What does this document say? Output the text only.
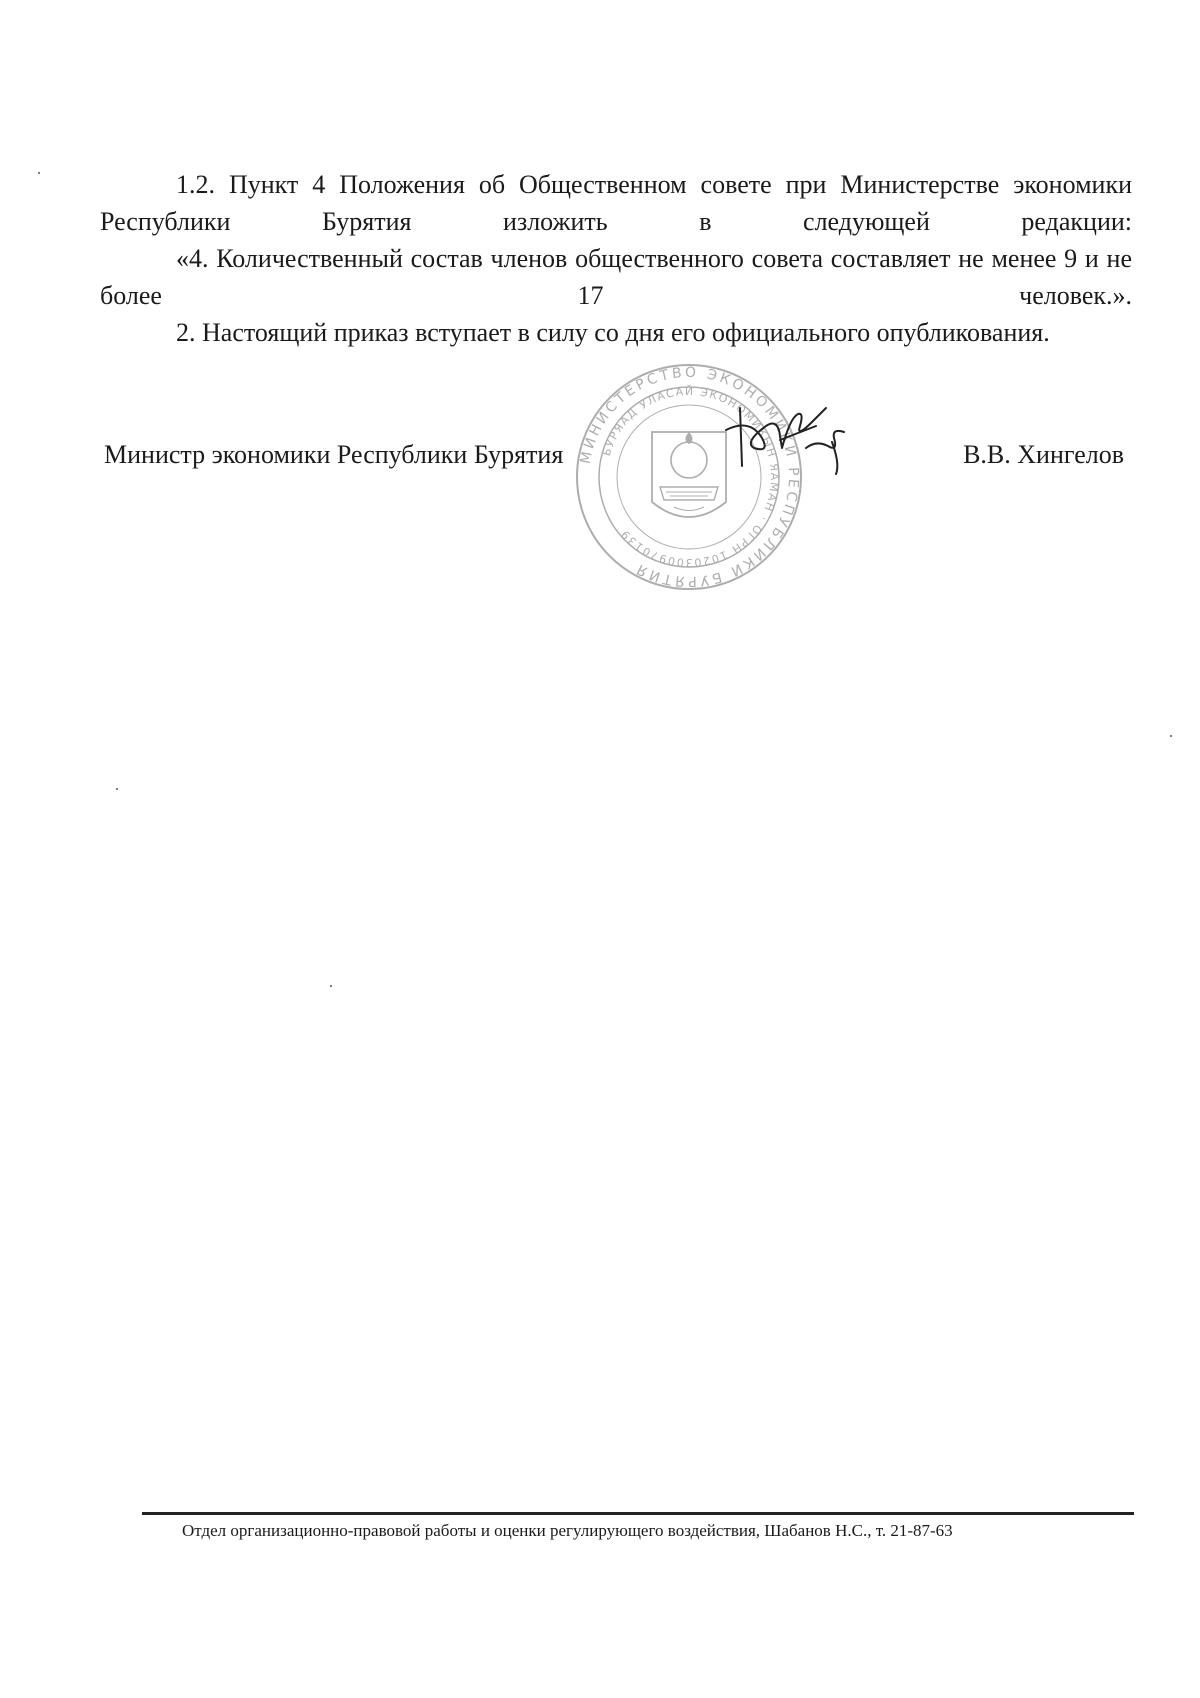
1.2. Пункт 4 Положения об Общественном совете при Министерстве экономики Республики Бурятия изложить в следующей редакции:

«4. Количественный состав членов общественного совета составляет не менее 9 и не более 17 человек.».

2. Настоящий приказ вступает в силу со дня его официального опубликования.

Министр экономики Республики Бурятия	В.В. Хингелов
МИНИСТЕРСТВО ЭКОНОМИКИ РЕСПУБЛИКИ БУРЯТИЯ
БУРЯАД УЛАСАЙ ЭКОНОМИКЫН ЯАМАН · ОГРН 1020300970139
Отдел организационно-правовой работы и оценки регулирующего воздействия, Шабанов Н.С., т. 21-87-63
